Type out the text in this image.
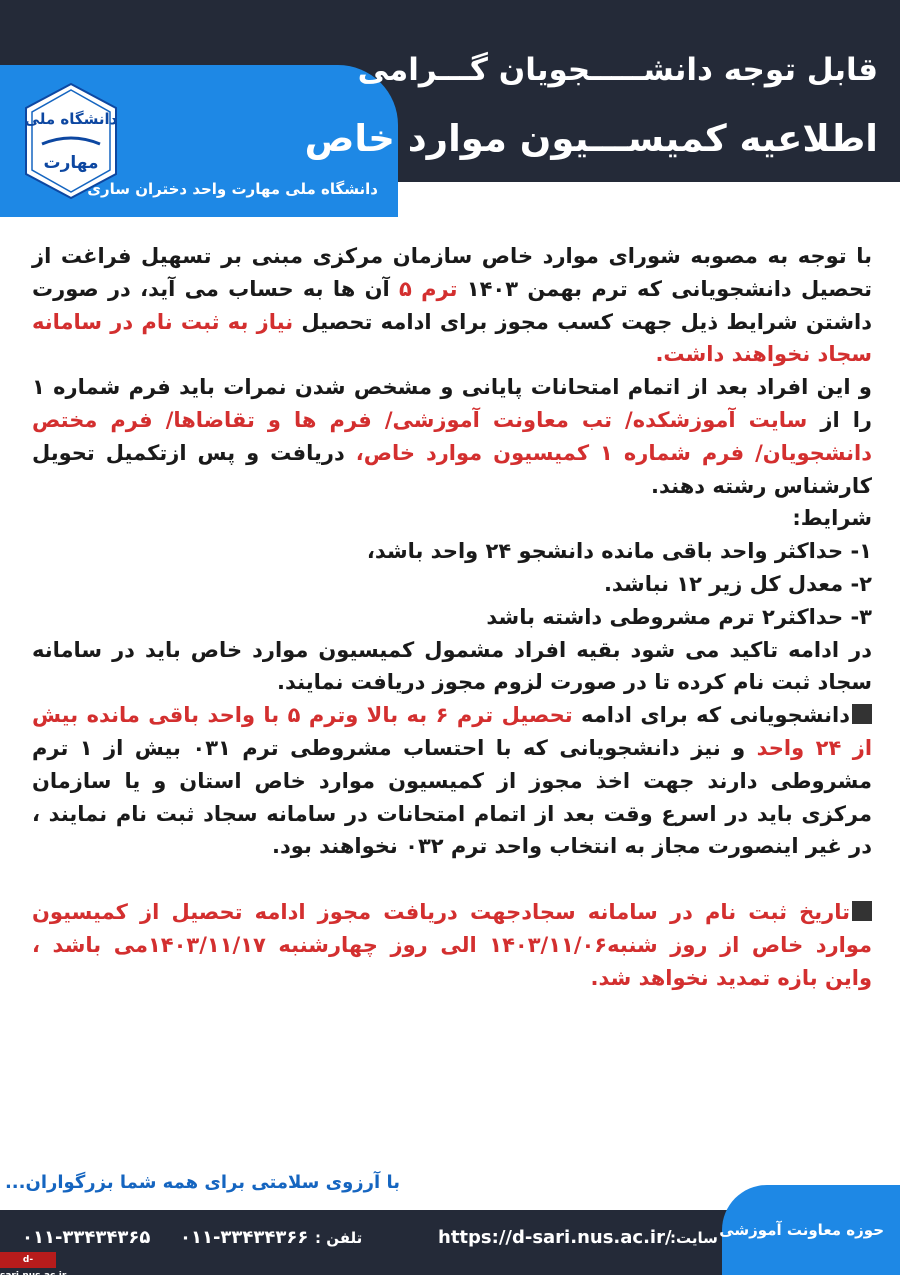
دانشگاه ملی
مهارت
دانشگاه ملی مهارت واحد دختران ساری
قابل توجه دانشـــــجویان گـــرامی
اطلاعیه کمیســـیون موارد خاص

با توجه به مصوبه شورای موارد خاص سازمان مرکزی مبنی بر تسهیل فراغت از تحصیل دانشجویانی که ترم بهمن ۱۴۰۳ ترم ۵ آن ها به حساب می آید، در صورت داشتن شرایط ذیل جهت کسب مجوز برای ادامه تحصیل نیاز به ثبت نام در سامانه سجاد نخواهند داشت.

و این افراد بعد از اتمام امتحانات پایانی و مشخص شدن نمرات باید فرم شماره ۱ را از سایت آموزشکده/ تب معاونت آموزشی/ فرم ها و تقاضاها/ فرم مختص دانشجویان/ فرم شماره ۱ کمیسیون موارد خاص، دریافت و پس ازتکمیل تحویل کارشناس رشته دهند.

شرایط:

۱- حداکثر واحد باقی مانده دانشجو ۲۴ واحد باشد،

۲- معدل کل زیر ۱۲ نباشد.

۳- حداکثر۲ ترم مشروطی داشته باشد

در ادامه تاکید می شود بقیه افراد مشمول کمیسیون موارد خاص باید در سامانه سجاد ثبت نام کرده تا در صورت لزوم مجوز دریافت نمایند.

دانشجویانی که برای ادامه تحصیل ترم ۶ به بالا وترم ۵ با واحد باقی مانده بیش از ۲۴ واحد و نیز دانشجویانی که با احتساب مشروطی ترم ۰۳۱ بیش از ۱ ترم مشروطی دارند جهت اخذ مجوز از کمیسیون موارد خاص استان و یا سازمان مرکزی باید در اسرع وقت بعد از اتمام امتحانات در سامانه سجاد ثبت نام نمایند ، در غیر اینصورت مجاز به انتخاب واحد ترم ۰۳۲ نخواهند بود.

تاریخ ثبت نام در سامانه سجادجهت دریافت مجوز ادامه تحصیل از کمیسیون موارد خاص از روز شنبه۱۴۰۳/۱۱/۰۶ الی روز چهارشنبه ۱۴۰۳/۱۱/۱۷می باشد ، واین بازه تمدید نخواهد شد.

با آرزوی سلامتی برای همه شما بزرگواران...
حوزه معاونت آموزشی
سایت:
https://d-sari.nus.ac.ir/
تلفن :
۰۱۱-۳۳۴۳۴۳۶۶
۰۱۱-۳۳۴۳۴۳۶۵
d-sari.nus.ac.ir
